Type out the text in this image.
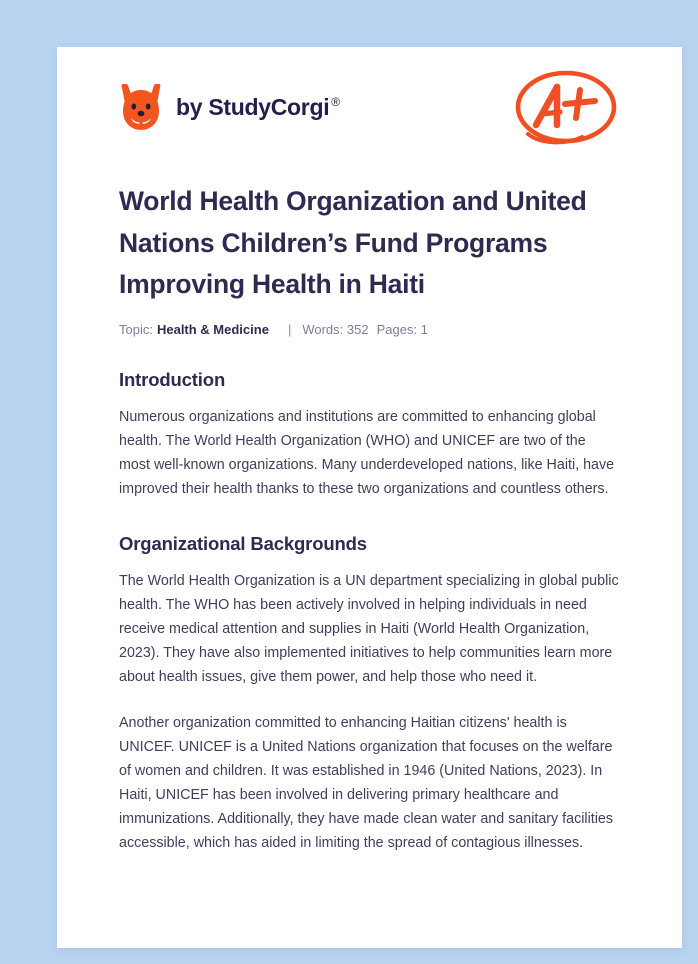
by StudyCorgi ®
World Health Organization and United Nations Children’s Fund Programs Improving Health in Haiti
Topic: Health & Medicine | Words: 352 Pages: 1
Introduction

Numerous organizations and institutions are committed to enhancing global health. The World Health Organization (WHO) and UNICEF are two of the most well-known organizations. Many underdeveloped nations, like Haiti, have improved their health thanks to these two organizations and countless others.

Organizational Backgrounds

The World Health Organization is a UN department specializing in global public health. The WHO has been actively involved in helping individuals in need receive medical attention and supplies in Haiti (World Health Organization, 2023). They have also implemented initiatives to help communities learn more about health issues, give them power, and help those who need it.

Another organization committed to enhancing Haitian citizens' health is UNICEF. UNICEF is a United Nations organization that focuses on the welfare of women and children. It was established in 1946 (United Nations, 2023). In Haiti, UNICEF has been involved in delivering primary healthcare and immunizations. Additionally, they have made clean water and sanitary facilities accessible, which has aided in limiting the spread of contagious illnesses.
